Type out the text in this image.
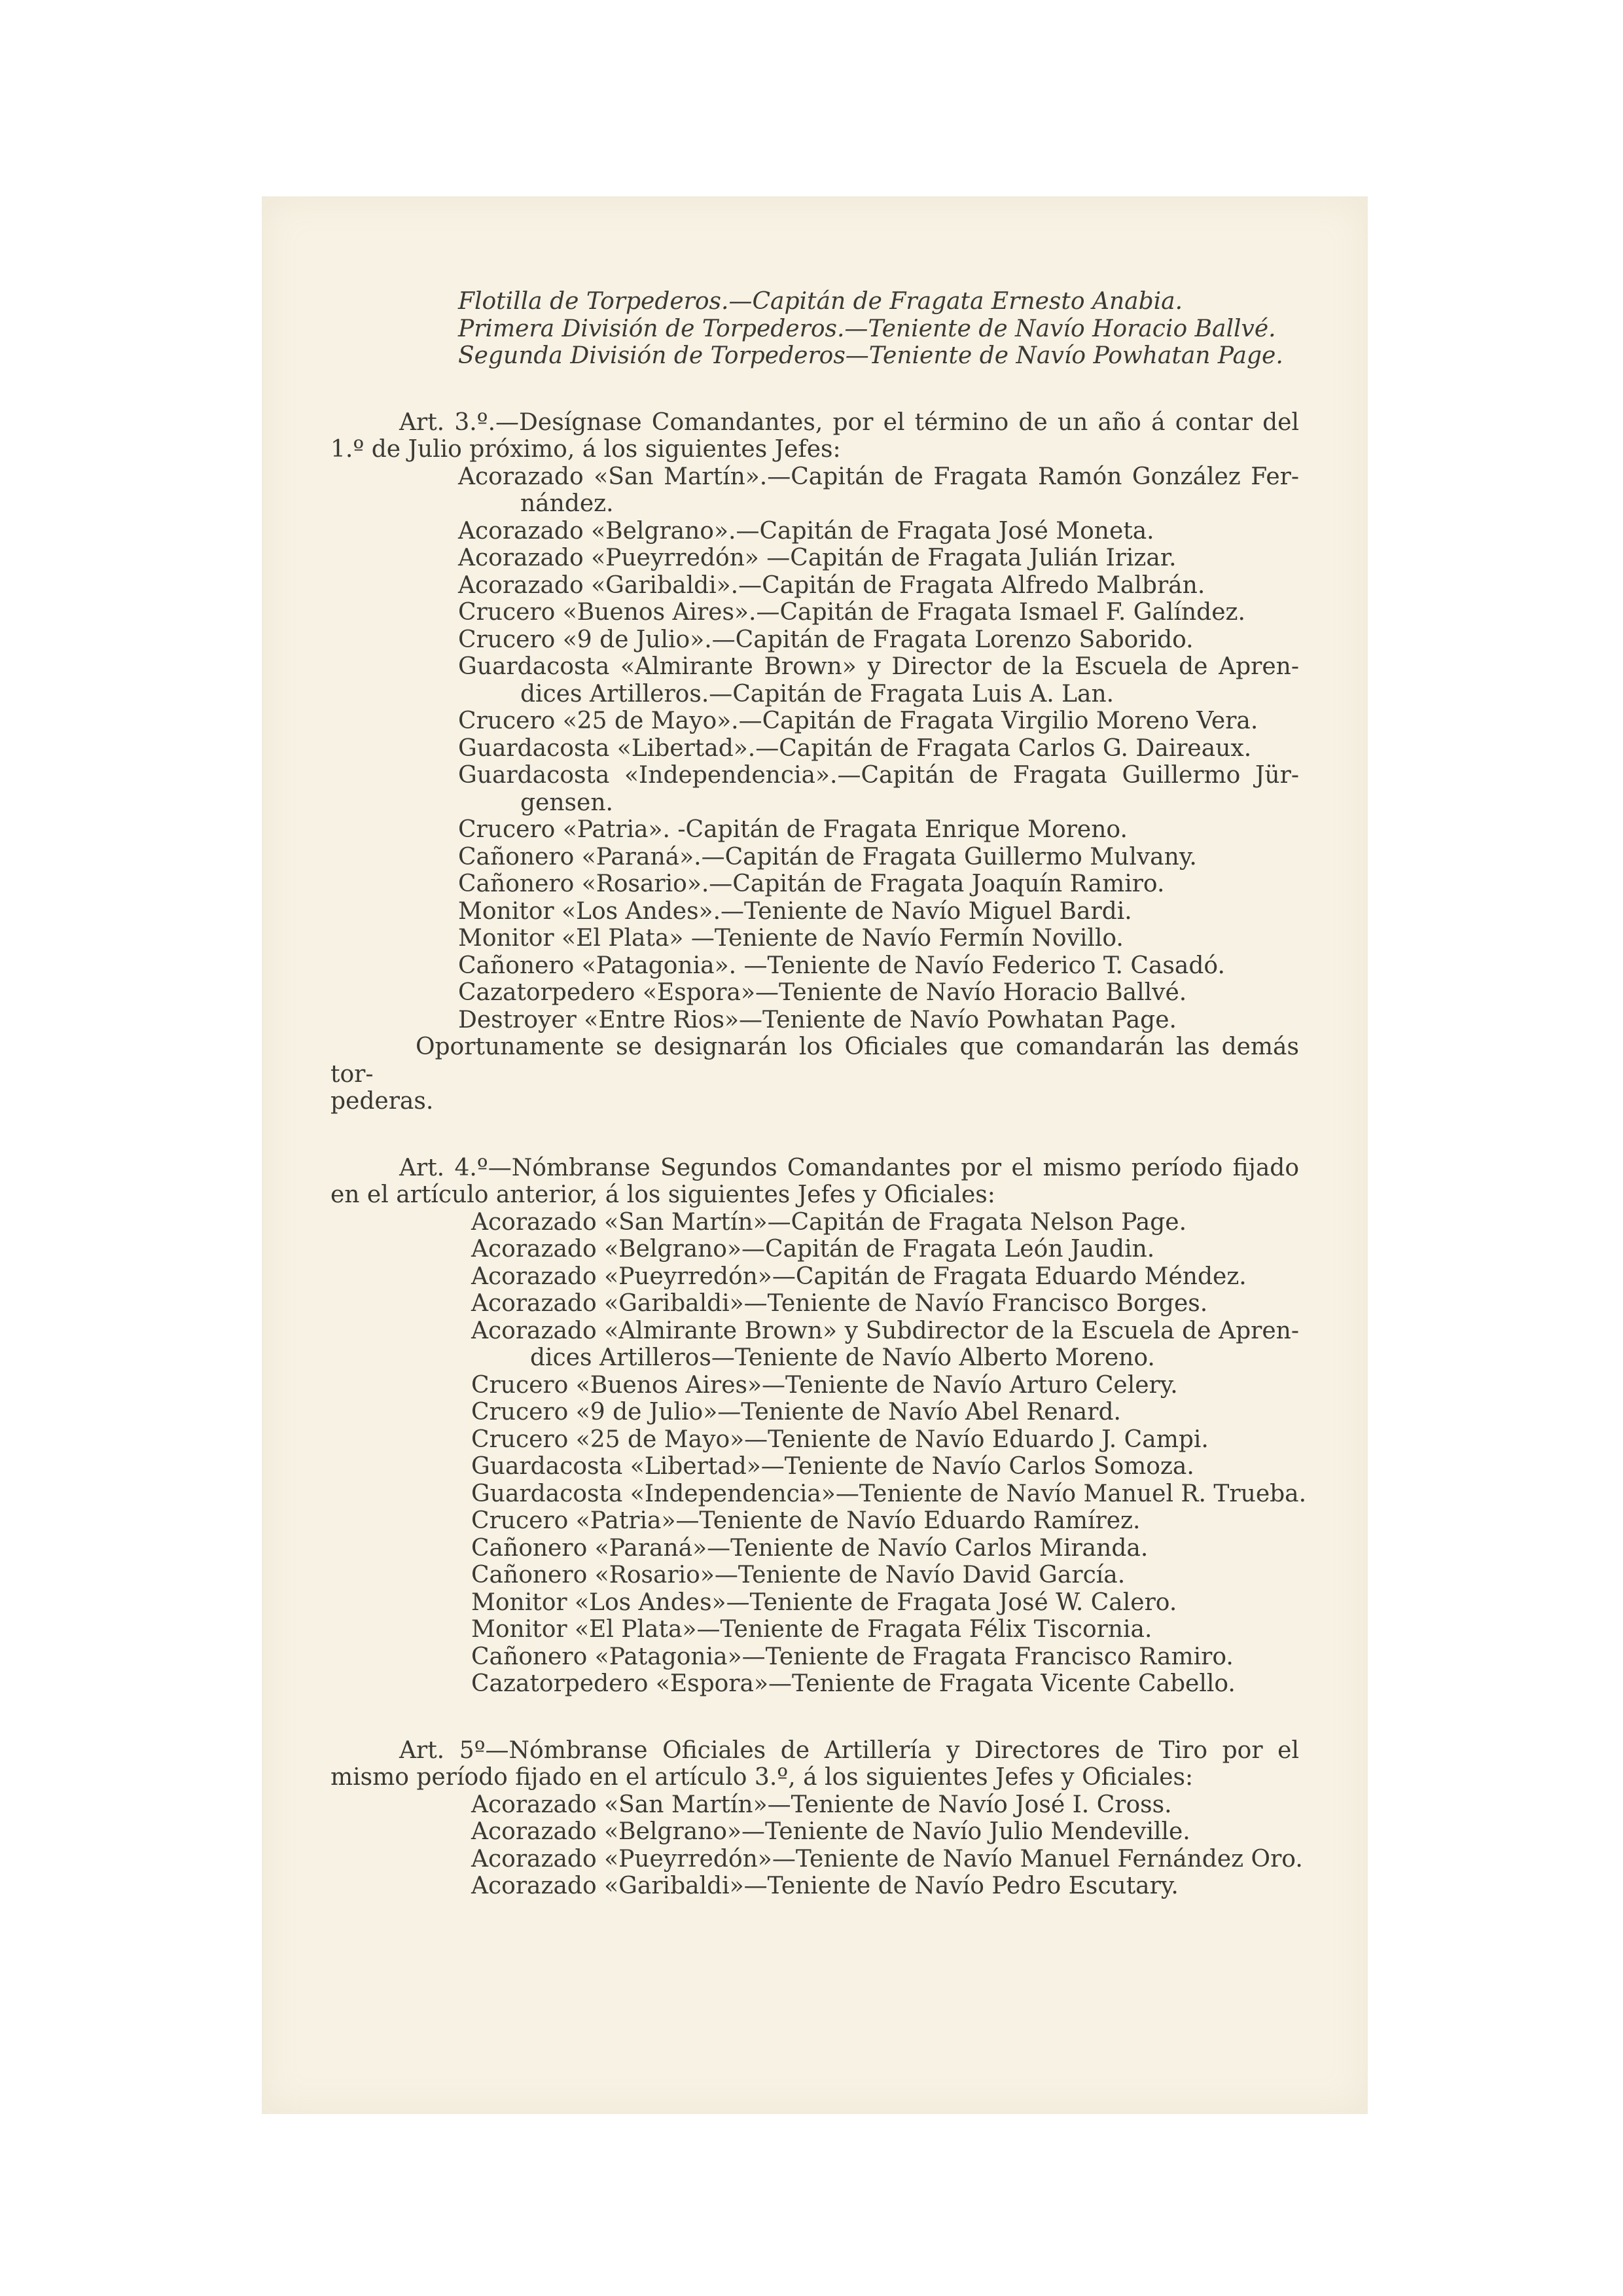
Flotilla de Torpederos.—Capitán de Fragata Ernesto Anabia.
Primera División de Torpederos.—Teniente de Navío Horacio Ballvé.
Segunda División de Torpederos—Teniente de Navío Powhatan Page.
Art. 3.º.—Desígnase Comandantes, por el término de un año á contar del
1.º de Julio próximo, á los siguientes Jefes:
Acorazado «San Martín».—Capitán de Fragata Ramón González Fer-
nández.
Acorazado «Belgrano».—Capitán de Fragata José Moneta.
Acorazado «Pueyrredón» —Capitán de Fragata Julián Irizar.
Acorazado «Garibaldi».—Capitán de Fragata Alfredo Malbrán.
Crucero «Buenos Aires».—Capitán de Fragata Ismael F. Galíndez.
Crucero «9 de Julio».—Capitán de Fragata Lorenzo Saborido.
Guardacosta «Almirante Brown» y Director de la Escuela de Apren-
dices Artilleros.—Capitán de Fragata Luis A. Lan.
Crucero «25 de Mayo».—Capitán de Fragata Virgilio Moreno Vera.
Guardacosta «Libertad».—Capitán de Fragata Carlos G. Daireaux.
Guardacosta «Independencia».—Capitán de Fragata Guillermo Jür-
gensen.
Crucero «Patria». -Capitán de Fragata Enrique Moreno.
Cañonero «Paraná».—Capitán de Fragata Guillermo Mulvany.
Cañonero «Rosario».—Capitán de Fragata Joaquín Ramiro.
Monitor «Los Andes».—Teniente de Navío Miguel Bardi.
Monitor «El Plata» —Teniente de Navío Fermín Novillo.
Cañonero «Patagonia». —Teniente de Navío Federico T. Casadó.
Cazatorpedero «Espora»—Teniente de Navío Horacio Ballvé.
Destroyer «Entre Rios»—Teniente de Navío Powhatan Page.
Oportunamente se designarán los Oficiales que comandarán las demás tor-
pederas.
Art. 4.º—Nómbranse Segundos Comandantes por el mismo período fijado
en el artículo anterior, á los siguientes Jefes y Oficiales:
Acorazado «San Martín»—Capitán de Fragata Nelson Page.
Acorazado «Belgrano»—Capitán de Fragata León Jaudin.
Acorazado «Pueyrredón»—Capitán de Fragata Eduardo Méndez.
Acorazado «Garibaldi»—Teniente de Navío Francisco Borges.
Acorazado «Almirante Brown» y Subdirector de la Escuela de Apren-
dices Artilleros—Teniente de Navío Alberto Moreno.
Crucero «Buenos Aires»—Teniente de Navío Arturo Celery.
Crucero «9 de Julio»—Teniente de Navío Abel Renard.
Crucero «25 de Mayo»—Teniente de Navío Eduardo J. Campi.
Guardacosta «Libertad»—Teniente de Navío Carlos Somoza.
Guardacosta «Independencia»—Teniente de Navío Manuel R. Trueba.
Crucero «Patria»—Teniente de Navío Eduardo Ramírez.
Cañonero «Paraná»—Teniente de Navío Carlos Miranda.
Cañonero «Rosario»—Teniente de Navío David García.
Monitor «Los Andes»—Teniente de Fragata José W. Calero.
Monitor «El Plata»—Teniente de Fragata Félix Tiscornia.
Cañonero «Patagonia»—Teniente de Fragata Francisco Ramiro.
Cazatorpedero «Espora»—Teniente de Fragata Vicente Cabello.
Art. 5º—Nómbranse Oficiales de Artillería y Directores de Tiro por el
mismo período fijado en el artículo 3.º, á los siguientes Jefes y Oficiales:
Acorazado «San Martín»—Teniente de Navío José I. Cross.
Acorazado «Belgrano»—Teniente de Navío Julio Mendeville.
Acorazado «Pueyrredón»—Teniente de Navío Manuel Fernández Oro.
Acorazado «Garibaldi»—Teniente de Navío Pedro Escutary.
